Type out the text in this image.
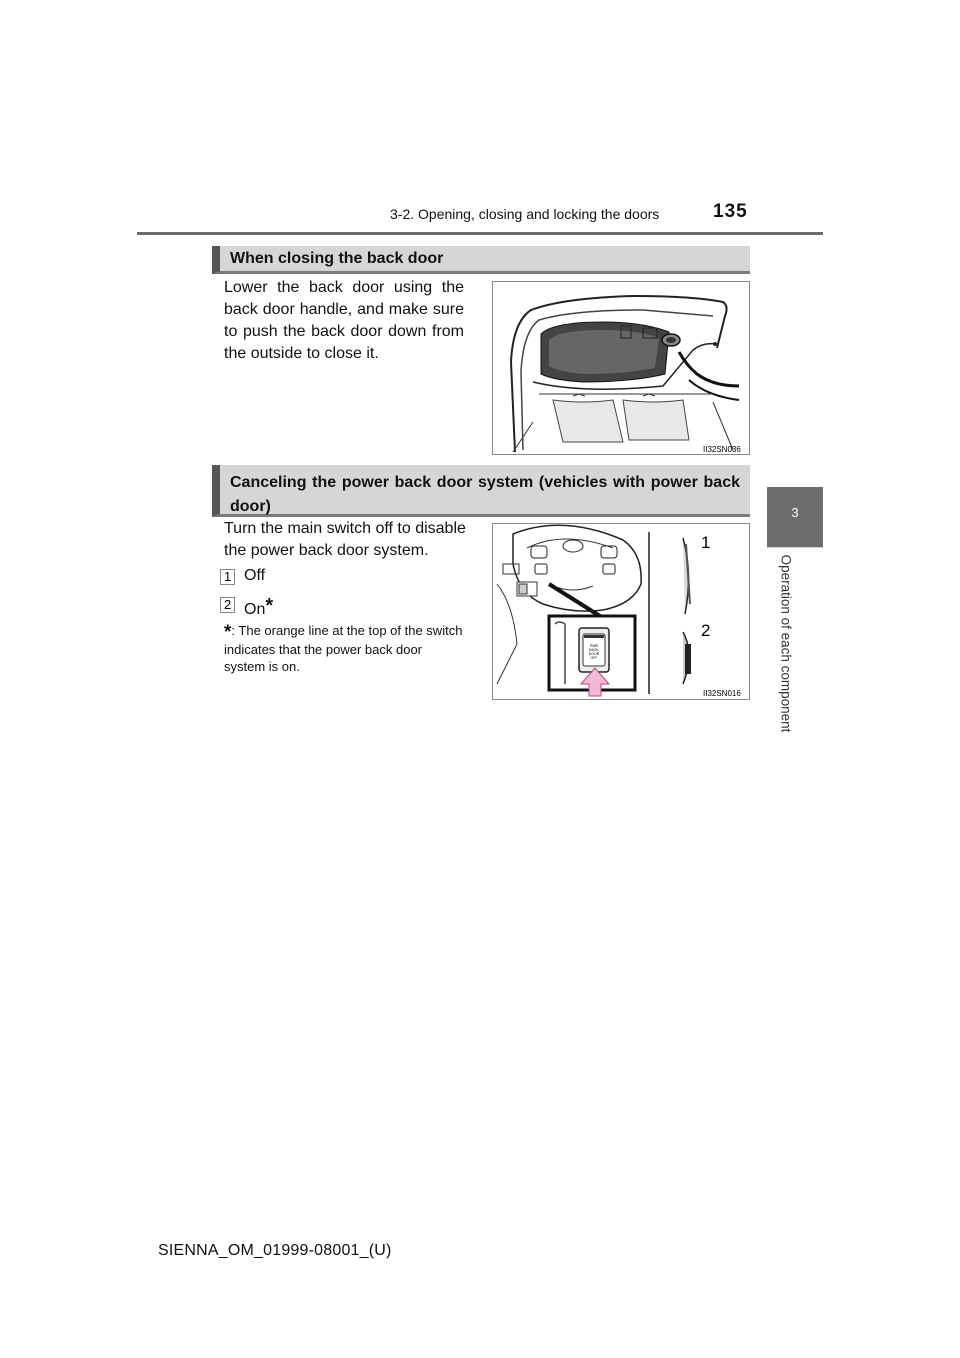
3-2. Opening, closing and locking the doors	135
3
Operation of each component
When closing the back door
Lower the back door using the back door handle, and make sure to push the back door down from the outside to close it.
II32SN036
Canceling the power back door system (vehicles with power back door)
Turn the main switch off to disable the power back door system.
1 Off
2 On*
*: The orange line at the top of the switch indicates that the power back door system is on.
PWR
BACK
DOOR
OFF
1
2
II32SN016
SIENNA_OM_01999-08001_(U)
